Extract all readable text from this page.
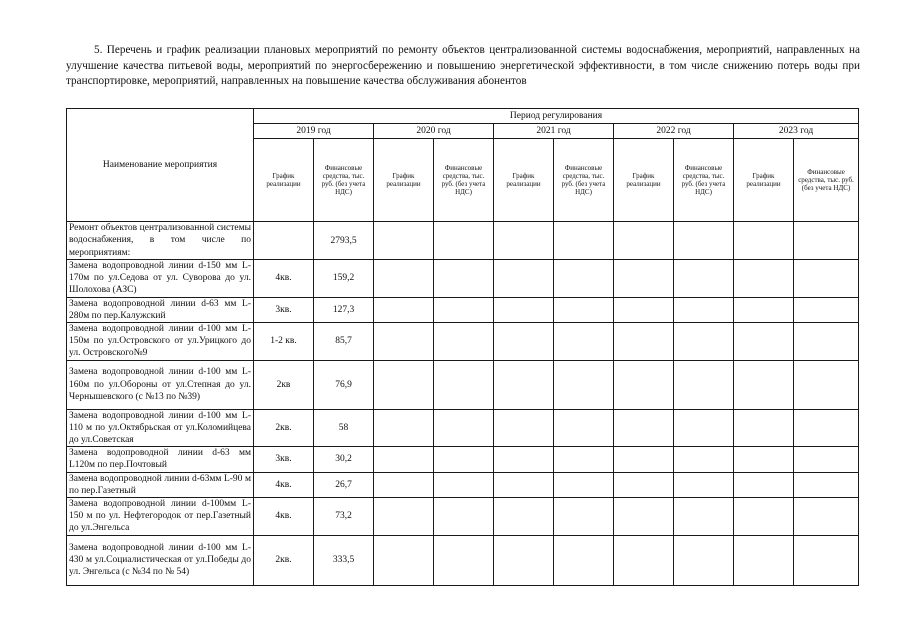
5. Перечень и график реализации плановых мероприятий по ремонту объектов централизованной системы водоснабжения, мероприятий, направленных на улучшение качества питьевой воды, мероприятий по энергосбережению и повышению энергетической эффективности, в том числе снижению потерь воды при транспортировке, мероприятий, направленных на повышение качества обслуживания абонентов
Наименование мероприятия	Период регулирования									
	2019 год		2020 год		2021 год		2022 год		2023 год	
	График реализации	Финансовые средства, тыс. руб. (без учета НДС)	График реализации	Финансовые средства, тыс. руб. (без учета НДС)	График реализации	Финансовые средства, тыс. руб. (без учета НДС)	График реализации	Финансовые средства, тыс. руб. (без учета НДС)	График реализации	Финансовые средства, тыс. руб. (без учета НДС)
Ремонт объектов централизованной системы водоснабжения, в том числе по мероприятиям:		2793,5								
Замена водопроводной линии d-150 мм L-170м по ул.Седова от ул. Суворова до ул. Шолохова (АЗС)	4кв.	159,2								
Замена водопроводной линии d-63 мм L-280м по пер.Калужский	3кв.	127,3								
Замена водопроводной линии d-100 мм L-150м по ул.Островского от ул.Урицкого до ул. Островского№9	1-2 кв.	85,7								
Замена водопроводной линии d-100 мм L-160м по ул.Обороны от ул.Степная до ул. Чернышевского (с №13 по №39)	2кв	76,9								
Замена водопроводной линии d-100 мм L-110 м по ул.Октябрьская от ул.Коломийцева до ул.Советская	2кв.	58								
Замена водопроводной линии d-63 мм L120м по пер.Почтовый	3кв.	30,2								
Замена водопроводной линии d-63мм L-90 м по пер.Газетный	4кв.	26,7								
Замена водопроводной линии d-100мм L-150 м по ул. Нефтегородок от пер.Газетный до ул.Энгельса	4кв.	73,2								
Замена водопроводной линии d-100 мм L-430 м ул.Социалистическая от ул.Победы до ул. Энгельса (с №34 по № 54)	2кв.	333,5								
